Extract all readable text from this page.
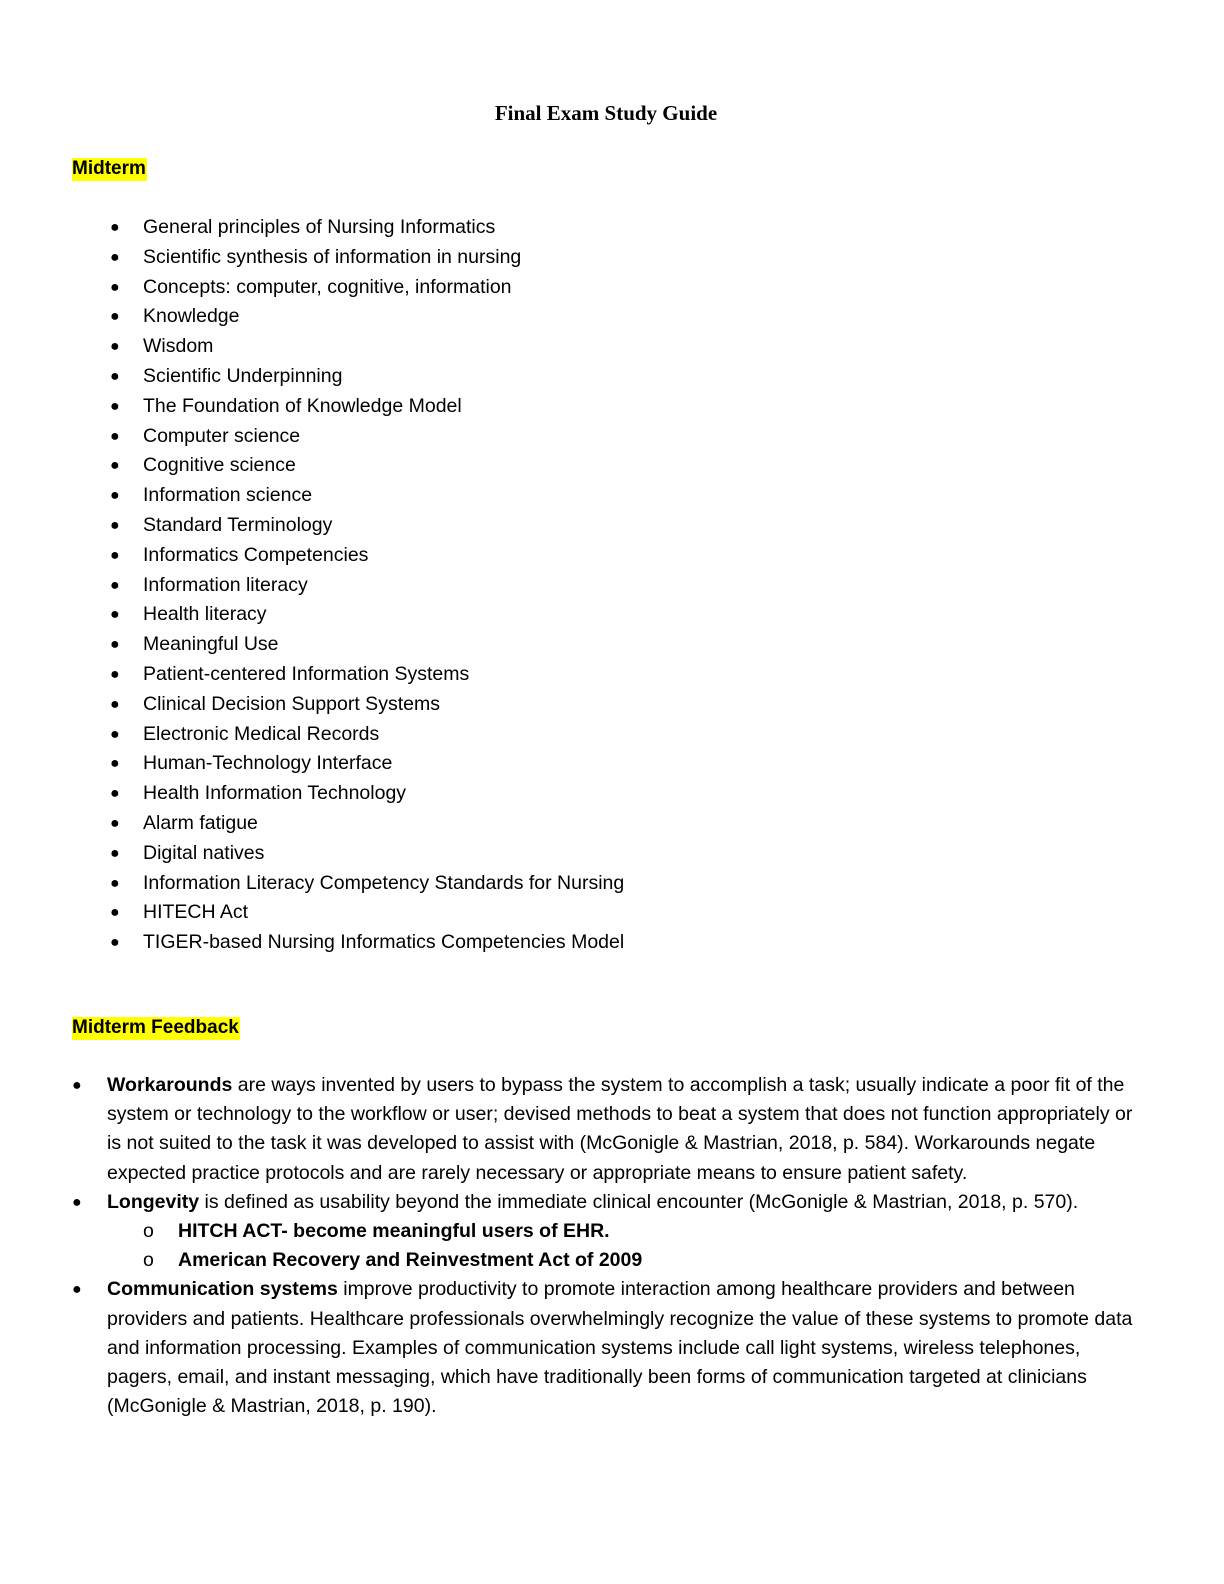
Final Exam Study Guide
Midterm
● General principles of Nursing Informatics
● Scientific synthesis of information in nursing
● Concepts: computer, cognitive, information
● Knowledge
● Wisdom
● Scientific Underpinning
● The Foundation of Knowledge Model
● Computer science
● Cognitive science
● Information science
● Standard Terminology
● Informatics Competencies
● Information literacy
● Health literacy
● Meaningful Use
● Patient-centered Information Systems
● Clinical Decision Support Systems
● Electronic Medical Records
● Human-Technology Interface
● Health Information Technology
● Alarm fatigue
● Digital natives
● Information Literacy Competency Standards for Nursing
● HITECH Act
● TIGER-based Nursing Informatics Competencies Model
Midterm Feedback
● Workarounds are ways invented by users to bypass the system to accomplish a task; usually indicate a poor fit of the system or technology to the workflow or user; devised methods to beat a system that does not function appropriately or is not suited to the task it was developed to assist with (McGonigle & Mastrian, 2018, p. 584). Workarounds negate expected practice protocols and are rarely necessary or appropriate means to ensure patient safety.
● Longevity is defined as usability beyond the immediate clinical encounter (McGonigle & Mastrian, 2018, p. 570).
o HITCH ACT- become meaningful users of EHR.
o American Recovery and Reinvestment Act of 2009
● Communication systems improve productivity to promote interaction among healthcare providers and between providers and patients. Healthcare professionals overwhelmingly recognize the value of these systems to promote data and information processing. Examples of communication systems include call light systems, wireless telephones, pagers, email, and instant messaging, which have traditionally been forms of communication targeted at clinicians (McGonigle & Mastrian, 2018, p. 190).
